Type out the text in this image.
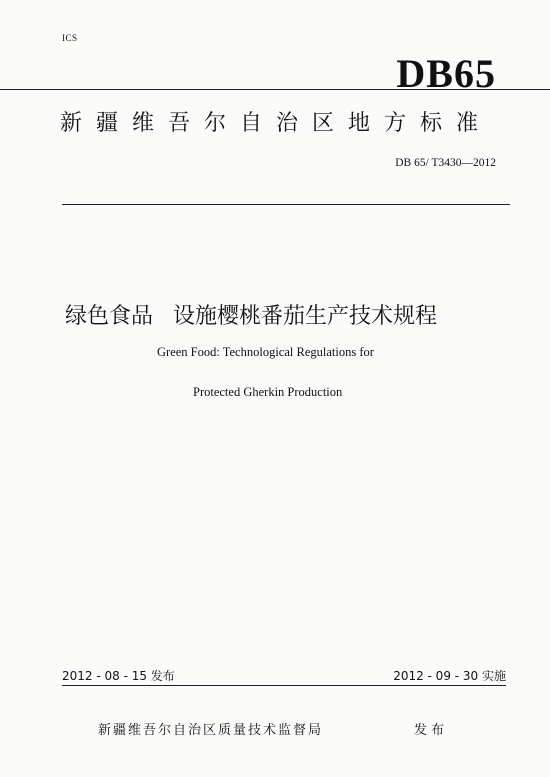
ICS
DB65
新疆维吾尔自治区地方标准
DB 65/ T3430—2012
绿色食品 设施樱桃番茄生产技术规程
Green Food: Technological Regulations for
Protected Gherkin Production
2012 - 08 - 15 发布	2012 - 09 - 30 实施
新疆维吾尔自治区质量技术监督局	发布
